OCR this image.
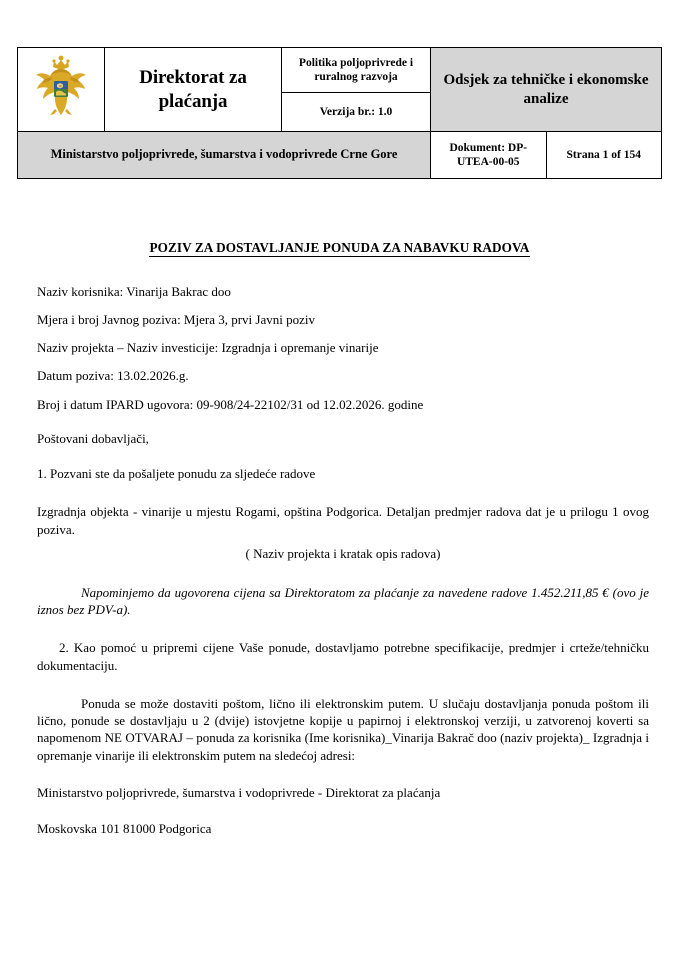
	Direktorat za plaćanja	Politika poljoprivrede i ruralnog razvoja	Odsjek za tehničke i ekonomske analize	
		Verzija br.: 1.0		
Ministarstvo poljoprivrede, šumarstva i vodoprivrede Crne Gore			Dokument: DP-UTEA-00-05	Strana 1 of 154
POZIV ZA DOSTAVLJANJE PONUDA ZA NABAVKU RADOVA

Naziv korisnika: Vinarija Bakrac doo

Mjera i broj Javnog poziva: Mjera 3, prvi Javni poziv

Naziv projekta – Naziv investicije: Izgradnja i opremanje vinarije

Datum poziva: 13.02.2026.g.

Broj i datum IPARD ugovora: 09-908/24-22102/31 od 12.02.2026. godine

Poštovani dobavljači,

1. Pozvani ste da pošaljete ponudu za sljedeće radove

Izgradnja objekta - vinarije u mjestu Rogami, opština Podgorica. Detaljan predmjer radova dat je u prilogu 1 ovog poziva.

( Naziv projekta i kratak opis radova)

Napominjemo da ugovorena cijena sa Direktoratom za plaćanje za navedene radove 1.452.211,85 € (ovo je iznos bez PDV-a).

2. Kao pomoć u pripremi cijene Vaše ponude, dostavljamo potrebne specifikacije, predmjer i crteže/tehničku dokumentaciju.

Ponuda se može dostaviti poštom, lično ili elektronskim putem. U slučaju dostavljanja ponuda poštom ili lično, ponude se dostavljaju u 2 (dvije) istovjetne kopije u papirnoj i elektronskoj verziji, u zatvorenoj koverti sa napomenom NE OTVARAJ – ponuda za korisnika (Ime korisnika)_Vinarija Bakrač doo (naziv projekta)_ Izgradnja i opremanje vinarije ili elektronskim putem na sledećoj adresi:

Ministarstvo poljoprivrede, šumarstva i vodoprivrede - Direktorat za plaćanja

Moskovska 101 81000 Podgorica
